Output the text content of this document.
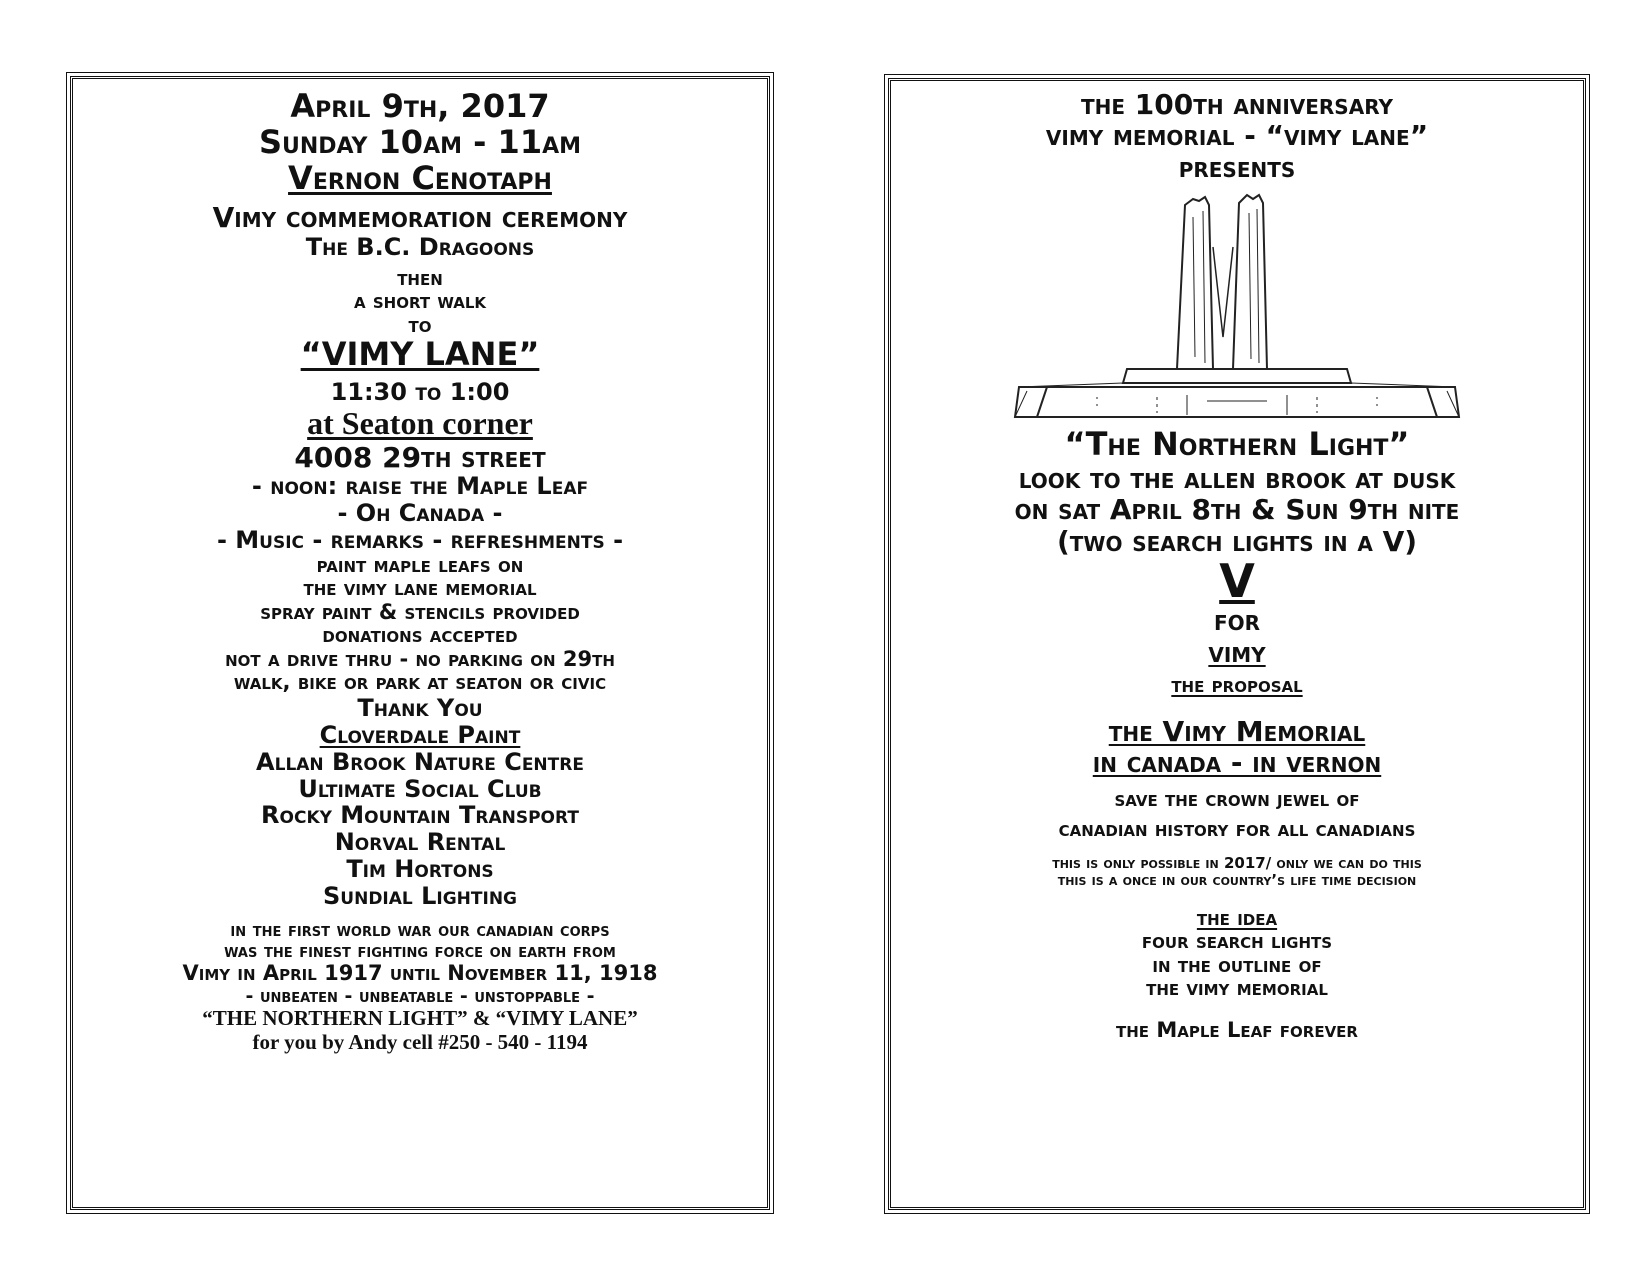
April 9th, 2017
Sunday 10am - 11am
Vernon Cenotaph
Vimy commemoration ceremony
The B.C. Dragoons
then
a short walk
to
“VIMY LANE”
11:30 to 1:00
at Seaton corner
4008 29th street
- noon: raise the Maple Leaf
- Oh Canada -
- Music - remarks - refreshments -
paint maple leafs on
the vimy lane memorial
spray paint & stencils provided
donations accepted
not a drive thru - no parking on 29th
walk, bike or park at seaton or civic
Thank You
Cloverdale Paint
Allan Brook Nature Centre
Ultimate Social Club
Rocky Mountain Transport
Norval Rental
Tim Hortons
Sundial Lighting
in the first world war our canadian corps
was the finest fighting force on earth from
Vimy in April 1917 until November 11, 1918
- unbeaten - unbeatable - unstoppable -
“THE NORTHERN LIGHT” & “VIMY LANE”
for you by Andy cell #250 - 540 - 1194
the 100th anniversary
vimy memorial - “vimy lane”
presents
“The Northern Light”
look to the allen brook at dusk
on sat April 8th & Sun 9th nite
(two search lights in a V)
V
for
vimy
the proposal
the Vimy Memorial
in canada - in vernon
save the crown jewel of
canadian history for all canadians
this is only possible in 2017/ only we can do this
this is a once in our country’s life time decision
the idea
four search lights
in the outline of
the vimy memorial
the Maple Leaf forever
